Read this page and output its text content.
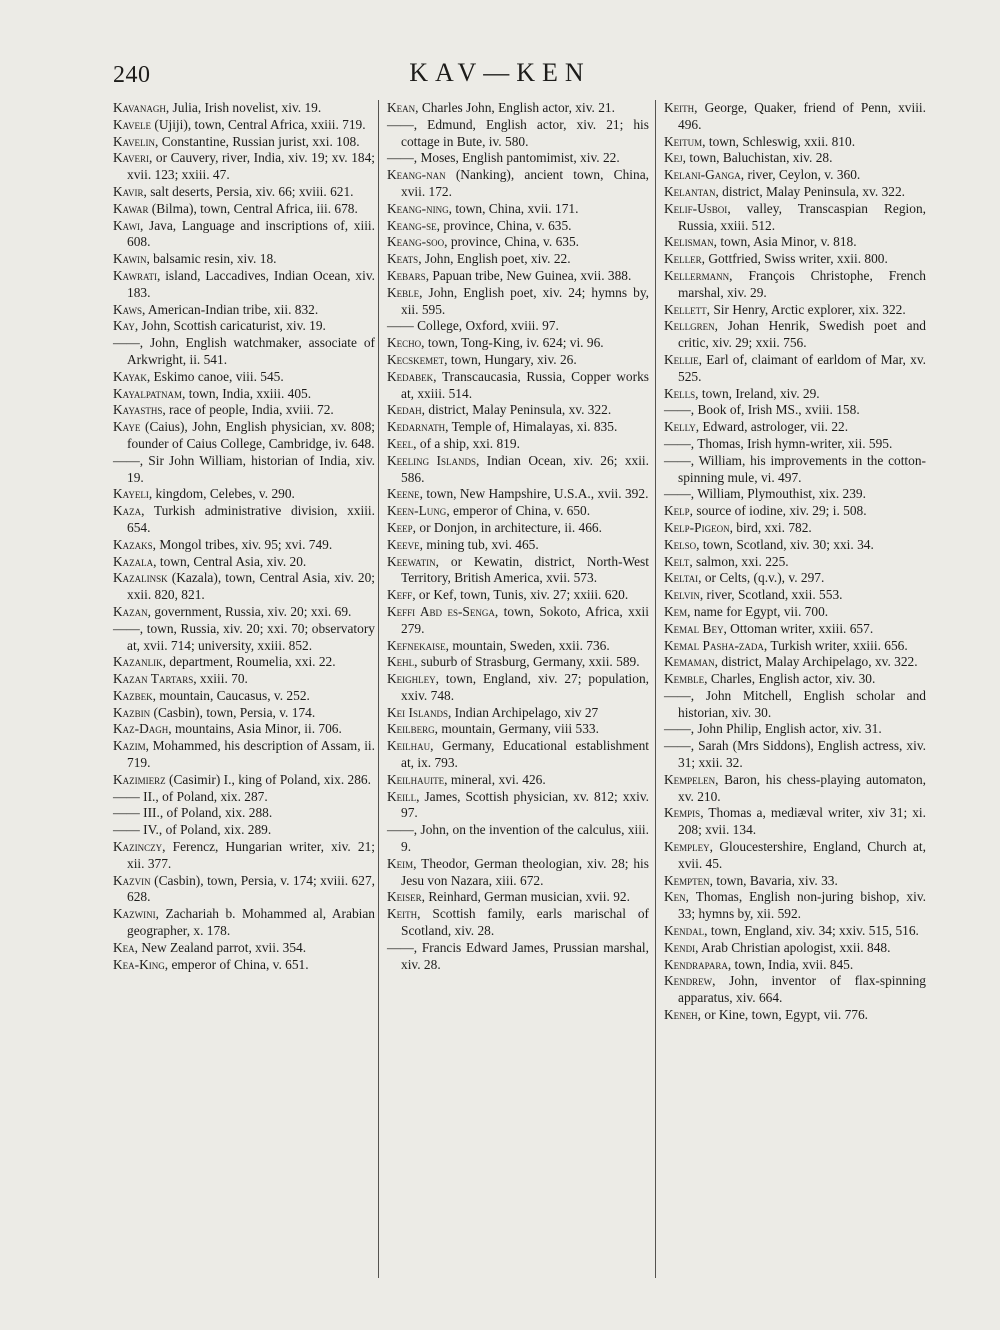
240	KAV—KEN

Kavanagh, Julia, Irish novelist, xiv. 19.

Kavele (Ujiji), town, Central Africa, xxiii. 719.

Kavelin, Constantine, Russian jurist, xxi. 108.

Kaveri, or Cauvery, river, India, xiv. 19; xv. 184; xvii. 123; xxiii. 47.

Kavir, salt deserts, Persia, xiv. 66; xviii. 621.

Kawar (Bilma), town, Central Africa, iii. 678.

Kawi, Java, Language and inscriptions of, xiii. 608.

Kawin, balsamic resin, xiv. 18.

Kawrati, island, Laccadives, Indian Ocean, xiv. 183.

Kaws, American-Indian tribe, xii. 832.

Kay, John, Scottish caricaturist, xiv. 19.

——, John, English watchmaker, associate of Arkwright, ii. 541.

Kayak, Eskimo canoe, viii. 545.

Kayalpatnam, town, India, xxiii. 405.

Kayasths, race of people, India, xviii. 72.

Kaye (Caius), John, English physician, xv. 808; founder of Caius College, Cambridge, iv. 648.

——, Sir John William, historian of India, xiv. 19.

Kayeli, kingdom, Celebes, v. 290.

Kaza, Turkish administrative division, xxiii. 654.

Kazaks, Mongol tribes, xiv. 95; xvi. 749.

Kazala, town, Central Asia, xiv. 20.

Kazalinsk (Kazala), town, Central Asia, xiv. 20; xxii. 820, 821.

Kazan, government, Russia, xiv. 20; xxi. 69.

——, town, Russia, xiv. 20; xxi. 70; observatory at, xvii. 714; university, xxiii. 852.

Kazanlik, department, Roumelia, xxi. 22.

Kazan Tartars, xxiii. 70.

Kazbek, mountain, Caucasus, v. 252.

Kazbin (Casbin), town, Persia, v. 174.

Kaz-Dagh, mountains, Asia Minor, ii. 706.

Kazim, Mohammed, his description of Assam, ii. 719.

Kazimierz (Casimir) I., king of Poland, xix. 286.

—— II., of Poland, xix. 287.

—— III., of Poland, xix. 288.

—— IV., of Poland, xix. 289.

Kazinczy, Ferencz, Hungarian writer, xiv. 21; xii. 377.

Kazvin (Casbin), town, Persia, v. 174; xviii. 627, 628.

Kazwini, Zachariah b. Mohammed al, Arabian geographer, x. 178.

Kea, New Zealand parrot, xvii. 354.

Kea-King, emperor of China, v. 651.

Kean, Charles John, English actor, xiv. 21.

——, Edmund, English actor, xiv. 21; his cottage in Bute, iv. 580.

——, Moses, English pantomimist, xiv. 22.

Keang-nan (Nanking), ancient town, China, xvii. 172.

Keang-ning, town, China, xvii. 171.

Keang-se, province, China, v. 635.

Keang-soo, province, China, v. 635.

Keats, John, English poet, xiv. 22.

Kebars, Papuan tribe, New Guinea, xvii. 388.

Keble, John, English poet, xiv. 24; hymns by, xii. 595.

—— College, Oxford, xviii. 97.

Kecho, town, Tong-King, iv. 624; vi. 96.

Kecskemet, town, Hungary, xiv. 26.

Kedabek, Transcaucasia, Russia, Copper works at, xxiii. 514.

Kedah, district, Malay Peninsula, xv. 322.

Kedarnath, Temple of, Himalayas, xi. 835.

Keel, of a ship, xxi. 819.

Keeling Islands, Indian Ocean, xiv. 26; xxii. 586.

Keene, town, New Hampshire, U.S.A., xvii. 392.

Keen-Lung, emperor of China, v. 650.

Keep, or Donjon, in architecture, ii. 466.

Keeve, mining tub, xvi. 465.

Keewatin, or Kewatin, district, North-West Territory, British America, xvii. 573.

Keff, or Kef, town, Tunis, xiv. 27; xxiii. 620.

Keffi Abd es-Senga, town, Sokoto, Africa, xxii 279.

Kefnekaise, mountain, Sweden, xxii. 736.

Kehl, suburb of Strasburg, Germany, xxii. 589.

Keighley, town, England, xiv. 27; population, xxiv. 748.

Kei Islands, Indian Archipelago, xiv 27

Keilberg, mountain, Germany, viii 533.

Keilhau, Germany, Educational establishment at, ix. 793.

Keilhauite, mineral, xvi. 426.

Keill, James, Scottish physician, xv. 812; xxiv. 97.

——, John, on the invention of the calculus, xiii. 9.

Keim, Theodor, German theologian, xiv. 28; his Jesu von Nazara, xiii. 672.

Keiser, Reinhard, German musician, xvii. 92.

Keith, Scottish family, earls marischal of Scotland, xiv. 28.

——, Francis Edward James, Prussian marshal, xiv. 28.

Keith, George, Quaker, friend of Penn, xviii. 496.

Keitum, town, Schleswig, xxii. 810.

Kej, town, Baluchistan, xiv. 28.

Kelani-Ganga, river, Ceylon, v. 360.

Kelantan, district, Malay Peninsula, xv. 322.

Kelif-Usboi, valley, Transcaspian Region, Russia, xxiii. 512.

Kelisman, town, Asia Minor, v. 818.

Keller, Gottfried, Swiss writer, xxii. 800.

Kellermann, François Christophe, French marshal, xiv. 29.

Kellett, Sir Henry, Arctic explorer, xix. 322.

Kellgren, Johan Henrik, Swedish poet and critic, xiv. 29; xxii. 756.

Kellie, Earl of, claimant of earldom of Mar, xv. 525.

Kells, town, Ireland, xiv. 29.

——, Book of, Irish MS., xviii. 158.

Kelly, Edward, astrologer, vii. 22.

——, Thomas, Irish hymn-writer, xii. 595.

——, William, his improvements in the cotton-spinning mule, vi. 497.

——, William, Plymouthist, xix. 239.

Kelp, source of iodine, xiv. 29; i. 508.

Kelp-Pigeon, bird, xxi. 782.

Kelso, town, Scotland, xiv. 30; xxi. 34.

Kelt, salmon, xxi. 225.

Keltai, or Celts, (q.v.), v. 297.

Kelvin, river, Scotland, xxii. 553.

Kem, name for Egypt, vii. 700.

Kemal Bey, Ottoman writer, xxiii. 657.

Kemal Pasha-zada, Turkish writer, xxiii. 656.

Kemaman, district, Malay Archipelago, xv. 322.

Kemble, Charles, English actor, xiv. 30.

——, John Mitchell, English scholar and historian, xiv. 30.

——, John Philip, English actor, xiv. 31.

——, Sarah (Mrs Siddons), English actress, xiv. 31; xxii. 32.

Kempelen, Baron, his chess-playing automaton, xv. 210.

Kempis, Thomas a, mediæval writer, xiv 31; xi. 208; xvii. 134.

Kempley, Gloucestershire, England, Church at, xvii. 45.

Kempten, town, Bavaria, xiv. 33.

Ken, Thomas, English non-juring bishop, xiv. 33; hymns by, xii. 592.

Kendal, town, England, xiv. 34; xxiv. 515, 516.

Kendi, Arab Christian apologist, xxii. 848.

Kendrapara, town, India, xvii. 845.

Kendrew, John, inventor of flax-spinning apparatus, xiv. 664.

Keneh, or Kine, town, Egypt, vii. 776.
